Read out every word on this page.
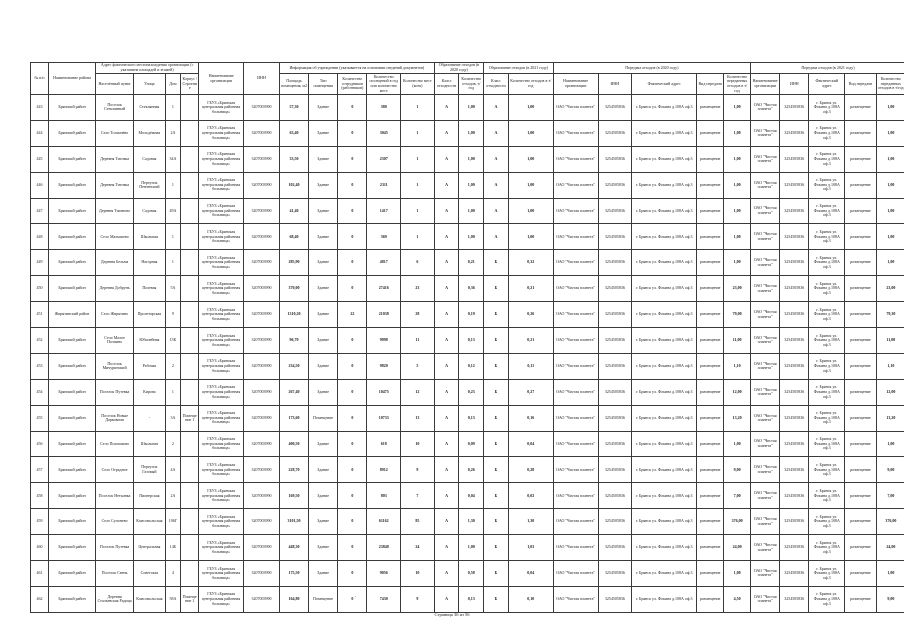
№ п/п	Наименование района	Адрес фактического местонахождения организации (с указанием площадей и этажей)				Наименование организации	ИНН	Информация об учреждении (указывается на основании сведений документов)					Образование отходов (в 2020 году)		Образование отходов (в 2021 году)		Передача отходов (в 2020 году)					Передача отходов (в 2021 году)				
		Населённый пункт	Улица	Дом	Корпус / Строение			Площадь помещения, м2	Тип помещения	Количество сотрудников (работников)	Количество посещений в год или количество мест	Количество мест (коек)	Класс отходности	Количество отходов, т/год	Класс отходности	Количество отходов в т/год	Наименование организации	ИНН	Фактический адрес	Вид передачи	Количество переданных отходов в т/год	Наименование организации	ИНН	Фактический адрес	Вид передачи	Количество переданных отходов в т/год
443	Брянский район	Поселок Стеклянный	Стеклянная	1		ГБУЗ «Брянская центральная районная больница»	3207003990	57,30	Здание	0	380	1	А	1,00	А	1,00	ОАО "Чистая планета"	3254505836	г. Брянск ул. Фокина д.108А оф.3	размещение	1,00	ОАО "Чистая планета"	3254505836	г. Брянск ул. Фокина д.108А оф.3	размещение	1,00
444	Брянский район	Село Толмачёво	Молодёжная	2А		ГБУЗ «Брянская центральная районная больница»	3207003990	63,40	Здание	0	3045	1	А	1,00	А	1,00	ОАО "Чистая планета"	3254505836	г. Брянск ул. Фокина д.108А оф.3	размещение	1,00	ОАО "Чистая планета"	3254505836	г. Брянск ул. Фокина д.108А оф.3	размещение	1,00
445	Брянский район	Деревня Титовка	Садовая	34А		ГБУЗ «Брянская центральная районная больница»	3207003990	33,50	Здание	0	2307	1	А	1,00	А	1,00	ОАО "Чистая планета"	3254505836	г. Брянск ул. Фокина д.108А оф.3	размещение	1,00	ОАО "Чистая планета"	3254505836	г. Брянск ул. Фокина д.108А оф.3	размещение	1,00
446	Брянский район	Деревня Титовка	Переулок Пензенский	1		ГБУЗ «Брянская центральная районная больница»	3207003990	102,40	Здание	0	2311	1	А	1,00	А	1,00	ОАО "Чистая планета"	3254505836	г. Брянск ул. Фокина д.108А оф.3	размещение	1,00	ОАО "Чистая планета"	3254505836	г. Брянск ул. Фокина д.108А оф.3	размещение	1,00
447	Брянский район	Деревня Тиганово	Садовая	49А		ГБУЗ «Брянская центральная районная больница»	3207003990	41,40	Здание	0	1417	1	А	1,00	А	1,00	ОАО "Чистая планета"	3254505836	г. Брянск ул. Фокина д.108А оф.3	размещение	1,00	ОАО "Чистая планета"	3254505836	г. Брянск ул. Фокина д.108А оф.3	размещение	1,00
448	Брянский район	Село Малышево	Школьная	1		ГБУЗ «Брянская центральная районная больница»	3207003990	68,40	Здание	0	369	1	А	1,00	А	1,00	ОАО "Чистая планета"	3254505836	г. Брянск ул. Фокина д.108А оф.3	размещение	1,00	ОАО "Чистая планета"	3254505836	г. Брянск ул. Фокина д.108А оф.3	размещение	1,00
449	Брянский район	Деревня Бельма	Нагорная	1		ГБУЗ «Брянская центральная районная больница»	3207003990	285,90	Здание	0	4817	6	А	0,21	Б	0,32	ОАО "Чистая планета"	3254505836	г. Брянск ул. Фокина д.108А оф.3	размещение	1,00	ОАО "Чистая планета"	3254505836	г. Брянск ул. Фокина д.108А оф.3	размещение	1,00
450	Брянский район	Деревня Добрунь	Полевая	5А		ГБУЗ «Брянская центральная районная больница»	3207003990	370,00	Здание	0	27416	23	А	0,36	Б	0,21	ОАО "Чистая планета"	3254505836	г. Брянск ул. Фокина д.108А оф.3	размещение	23,00	ОАО "Чистая планета"	3254505836	г. Брянск ул. Фокина д.108А оф.3	размещение	23,00
451	Жирятинский район	Село Жирятино	Пролетарская	9		ГБУЗ «Брянская центральная районная больница»	3207003990	1310,20	Здание	22	21038	28	А	0,19	Б	0,26	ОАО "Чистая планета"	3254505836	г. Брянск ул. Фокина д.108А оф.3	размещение	79,00	ОАО "Чистая планета"	3254505836	г. Брянск ул. Фокина д.108А оф.3	размещение	79,30
452	Брянский район	Село Малое Полпино	Юбилейная	15К		ГБУЗ «Брянская центральная районная больница»	3207003990	96,70	Здание	0	9998	11	А	0,13	Б	0,21	ОАО "Чистая планета"	3254505836	г. Брянск ул. Фокина д.108А оф.3	размещение	11,00	ОАО "Чистая планета"	3254505836	г. Брянск ул. Фокина д.108А оф.3	размещение	11,00
453	Брянский район	Поселок Мичуринский	Рабочая	2		ГБУЗ «Брянская центральная районная больница»	3207003990	234,50	Здание	0	9820	5	А	0,12	Б	0,11	ОАО "Чистая планета"	3254505836	г. Брянск ул. Фокина д.108А оф.3	размещение	1,10	ОАО "Чистая планета"	3254505836	г. Брянск ул. Фокина д.108А оф.3	размещение	1,10
454	Брянский район	Поселок Путевка	Кирова	1		ГБУЗ «Брянская центральная районная больница»	3207003990	267,40	Здание	0	10475	12	А	0,23	Б	0,27	ОАО "Чистая планета"	3254505836	г. Брянск ул. Фокина д.108А оф.3	размещение	12,00	ОАО "Чистая планета"	3254505836	г. Брянск ул. Фокина д.108А оф.3	размещение	12,00
455	Брянский район	Поселок Новые Дарковичи	-	3А	Помещение 1	ГБУЗ «Брянская центральная районная больница»	3207003990	173,60	Помещение	0	10733	13	А	0,13	Б	0,16	ОАО "Чистая планета"	3254505836	г. Брянск ул. Фокина д.108А оф.3	размещение	13,20	ОАО "Чистая планета"	3254505836	г. Брянск ул. Фокина д.108А оф.3	размещение	13,20
456	Брянский район	Село Полошково	Школьная	2		ГБУЗ «Брянская центральная районная больница»	3207003990	400,50	Здание	0	618	10	А	0,09	Б	0,04	ОАО "Чистая планета"	3254505836	г. Брянск ул. Фокина д.108А оф.3	размещение	1,00	ОАО "Чистая планета"	3254505836	г. Брянск ул. Фокина д.108А оф.3	размещение	1,00
457	Брянский район	Село Отрадное	Переулок Газовый	4А		ГБУЗ «Брянская центральная районная больница»	3207003990	228,70	Здание	0	8912	9	А	0,26	Б	0,28	ОАО "Чистая планета"	3254505836	г. Брянск ул. Фокина д.108А оф.3	размещение	9,00	ОАО "Чистая планета"	3254505836	г. Брянск ул. Фокина д.108А оф.3	размещение	9,00
458	Брянский район	Поселок Нетьинка	Пионерская	2А		ГБУЗ «Брянская центральная районная больница»	3207003990	169,50	Здание	0	803	7	А	0,04	Б	0,02	ОАО "Чистая планета"	3254505836	г. Брянск ул. Фокина д.108А оф.3	размещение	7,00	ОАО "Чистая планета"	3254505836	г. Брянск ул. Фокина д.108А оф.3	размещение	7,00
459	Брянский район	Село Супонево	Комсомольская	106Г		ГБУЗ «Брянская центральная районная больница»	3207003990	3101,50	Здание	0	61162	85	А	1,30	Б	1,30	ОАО "Чистая планета"	3254505836	г. Брянск ул. Фокина д.108А оф.3	размещение	376,00	ОАО "Чистая планета"	3254505836	г. Брянск ул. Фокина д.108А оф.3	размещение	376,00
460	Брянский район	Поселок Путевка	Центральная	14Б		ГБУЗ «Брянская центральная районная больница»	3207003990	448,30	Здание	0	23848	24	А	1,00	Б	1,03	ОАО "Чистая планета"	3254505836	г. Брянск ул. Фокина д.108А оф.3	размещение	24,00	ОАО "Чистая планета"	3254505836	г. Брянск ул. Фокина д.108А оф.3	размещение	24,00
461	Брянский район	Поселок Свень	Советская	4		ГБУЗ «Брянская центральная районная больница»	3207003990	175,50	Здание	0	9056	10	А	0,58	Б	0,04	ОАО "Чистая планета"	3254505836	г. Брянск ул. Фокина д.108А оф.3	размещение	1,00	ОАО "Чистая планета"	3254505836	г. Брянск ул. Фокина д.108А оф.3	размещение	1,00
462	Брянский район	Деревня Стальевская Радица	Комсомольская	58А	Помещение 1	ГБУЗ «Брянская центральная районная больница»	3207003990	164,80	Помещение	0	7430	9	А	0,13	Б	0,10	ОАО "Чистая планета"	3254505836	г. Брянск ул. Фокина д.108А оф.3	размещение	4,50	ОАО "Чистая планета"	3254505836	г. Брянск ул. Фокина д.108А оф.3	размещение	9,00
.
Страница 36 из 56
